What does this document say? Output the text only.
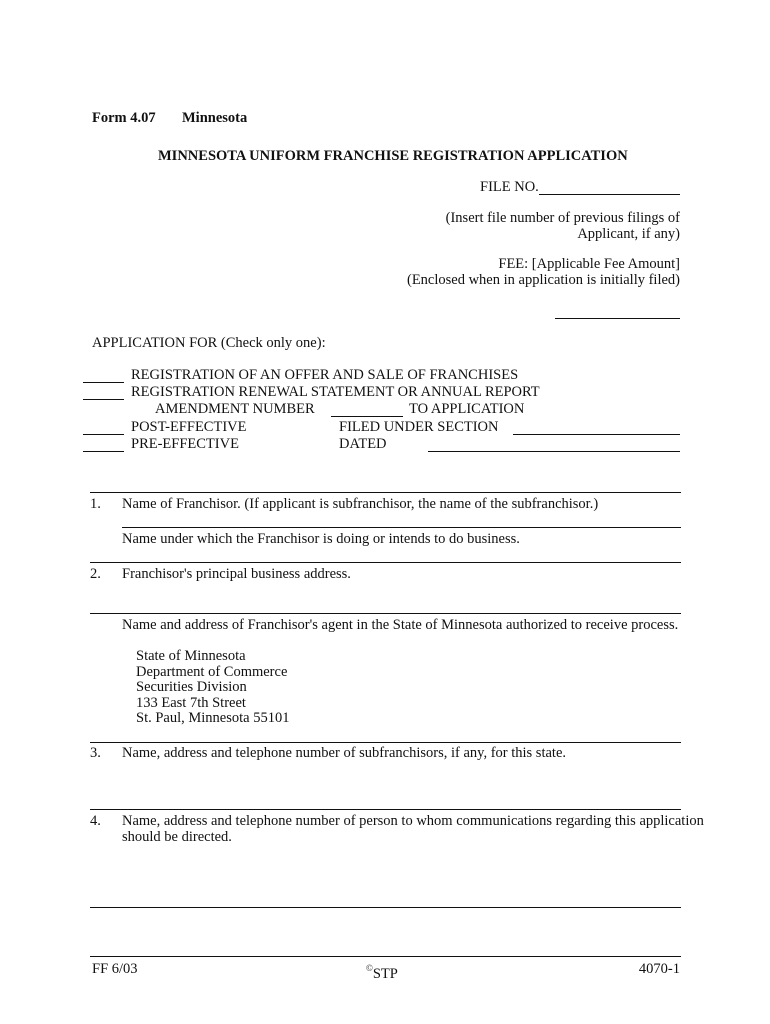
Form 4.07 Minnesota
MINNESOTA UNIFORM FRANCHISE REGISTRATION APPLICATION
FILE NO.
(Insert file number of previous filings of
Applicant, if any)
FEE: [Applicable Fee Amount]
(Enclosed when in application is initially filed)
APPLICATION FOR (Check only one):
REGISTRATION OF AN OFFER AND SALE OF FRANCHISES
REGISTRATION RENEWAL STATEMENT OR ANNUAL REPORT
AMENDMENT NUMBER	TO APPLICATION
POST-EFFECTIVE	FILED UNDER SECTION
PRE-EFFECTIVE	DATED
1. Name of Franchisor. (If applicant is subfranchisor, the name of the subfranchisor.)
Name under which the Franchisor is doing or intends to do business.
2. Franchisor's principal business address.
Name and address of Franchisor's agent in the State of Minnesota authorized to receive process.
State of Minnesota
Department of Commerce
Securities Division
133 East 7th Street
St. Paul, Minnesota 55101
3. Name, address and telephone number of subfranchisors, if any, for this state.
4. Name, address and telephone number of person to whom communications regarding this application
should be directed.
FF 6/03	©STP	4070-1
